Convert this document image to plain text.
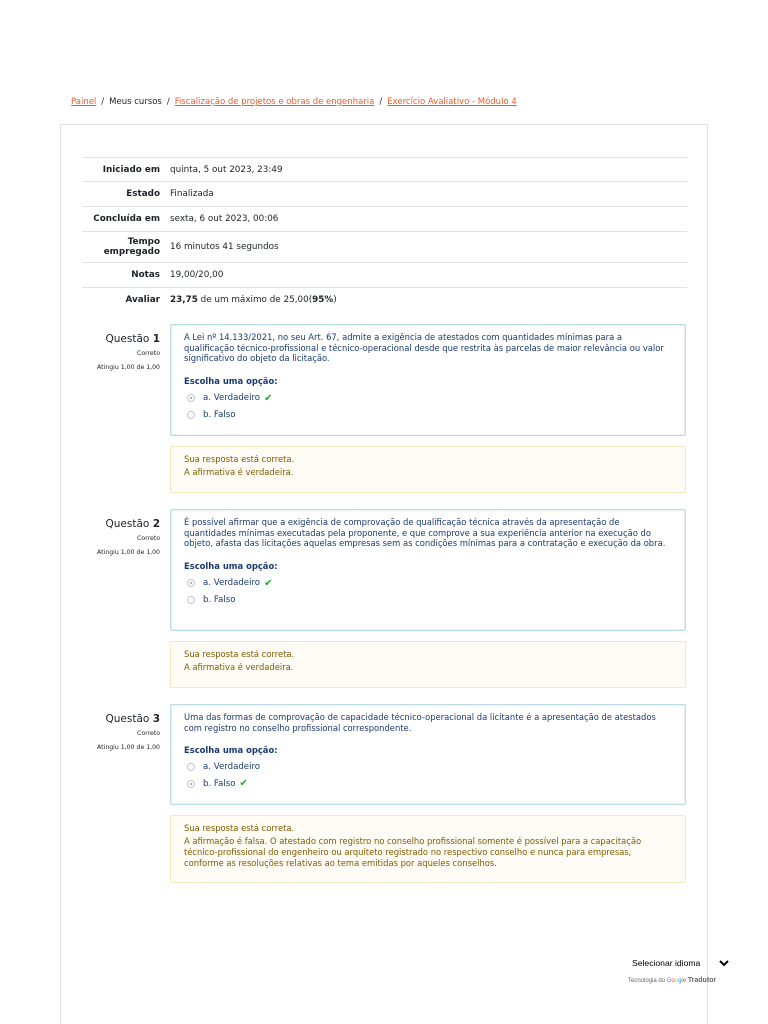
Painel / Meus cursos / Fiscalização de projetos e obras de engenharia / Exercício Avaliativo - Módulo 4
Iniciado em	quinta, 5 out 2023, 23:49
Estado	Finalizada
Concluída em	sexta, 6 out 2023, 00:06
Tempo empregado	16 minutos 41 segundos
Notas	19,00/20,00
Avaliar	23,75 de um máximo de 25,00(95%)
Questão 1
Correto
Atingiu 1,00 de 1,00
A Lei nº 14.133/2021, no seu Art. 67, admite a exigência de atestados com quantidades mínimas para a qualificação técnico-profissional e técnico-operacional desde que restrita às parcelas de maior relevância ou valor significativo do objeto da licitação.
Escolha uma opção:
a. Verdadeiro ✔
b. Falso
Sua resposta está correta.
A afirmativa é verdadeira.
Questão 2
Correto
Atingiu 1,00 de 1,00
É possível afirmar que a exigência de comprovação de qualificação técnica através da apresentação de quantidades mínimas executadas pela proponente, e que comprove a sua experiência anterior na execução do objeto, afasta das licitações aquelas empresas sem as condições mínimas para a contratação e execução da obra.
Escolha uma opção:
a. Verdadeiro ✔
b. Falso
Sua resposta está correta.
A afirmativa é verdadeira.
Questão 3
Correto
Atingiu 1,00 de 1,00
Uma das formas de comprovação de capacidade técnico-operacional da licitante é a apresentação de atestados com registro no conselho profissional correspondente.
Escolha uma opção:
a. Verdadeiro
b. Falso ✔
Sua resposta está correta.
A afirmação é falsa. O atestado com registro no conselho profissional somente é possível para a capacitação técnico-profissional do engenheiro ou arquiteto registrado no respectivo conselho e nunca para empresas, conforme as resoluções relativas ao tema emitidas por aqueles conselhos.
Selecionar idioma
Tecnologia do Google Tradutor
